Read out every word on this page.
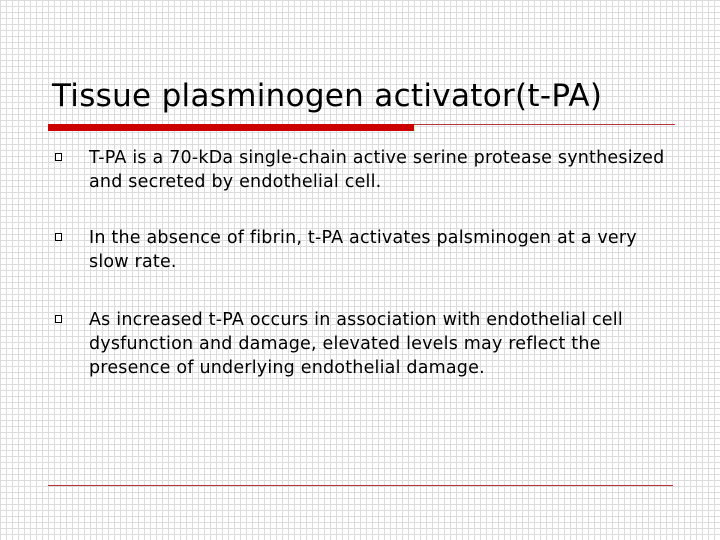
Tissue plasminogen activator(t-PA)
T-PA is a 70-kDa single-chain active serine protease synthesized and secreted by endothelial cell.
In the absence of fibrin, t-PA activates palsminogen at a very slow rate.
As increased t-PA occurs in association with endothelial cell dysfunction and damage, elevated levels may reflect the presence of underlying endothelial damage.
